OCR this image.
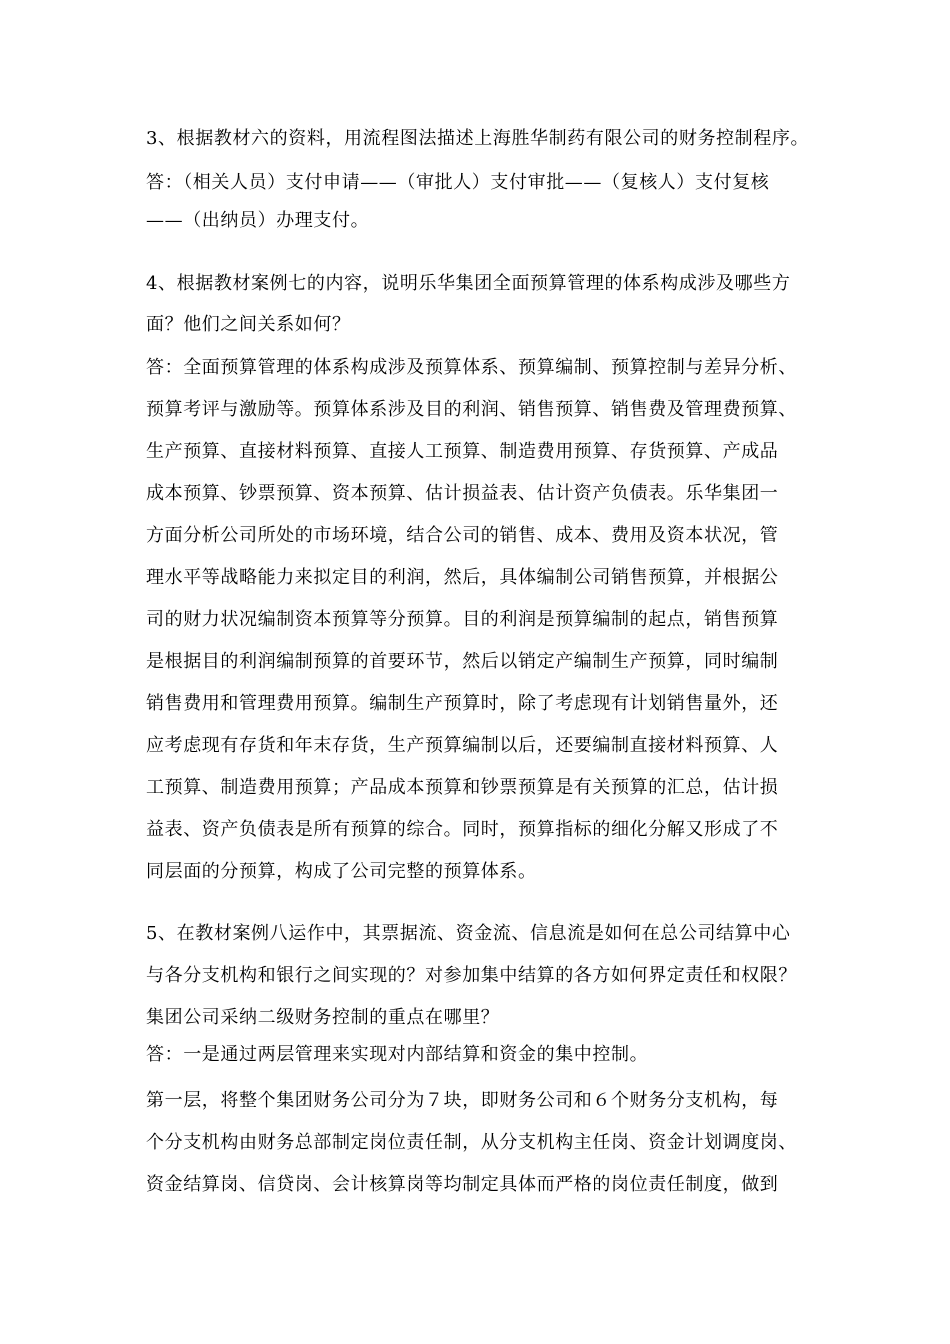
3、根据教材六的资料，用流程图法描述上海胜华制药有限公司的财务控制程序。

答：（相关人员）支付申请——（审批人）支付审批——（复核人）支付复核

——（出纳员）办理支付。

4、根据教材案例七的内容，说明乐华集团全面预算管理的体系构成涉及哪些方

面？他们之间关系如何？

答：全面预算管理的体系构成涉及预算体系、预算编制、预算控制与差异分析、

预算考评与激励等。预算体系涉及目的利润、销售预算、销售费及管理费预算、

生产预算、直接材料预算、直接人工预算、制造费用预算、存货预算、产成品

成本预算、钞票预算、资本预算、估计损益表、估计资产负债表。乐华集团一

方面分析公司所处的市场环境，结合公司的销售、成本、费用及资本状况，管

理水平等战略能力来拟定目的利润，然后，具体编制公司销售预算，并根据公

司的财力状况编制资本预算等分预算。目的利润是预算编制的起点，销售预算

是根据目的利润编制预算的首要环节，然后以销定产编制生产预算，同时编制

销售费用和管理费用预算。编制生产预算时，除了考虑现有计划销售量外，还

应考虑现有存货和年末存货，生产预算编制以后，还要编制直接材料预算、人

工预算、制造费用预算；产品成本预算和钞票预算是有关预算的汇总，估计损

益表、资产负债表是所有预算的综合。同时，预算指标的细化分解又形成了不

同层面的分预算，构成了公司完整的预算体系。

5、在教材案例八运作中，其票据流、资金流、信息流是如何在总公司结算中心

与各分支机构和银行之间实现的？对参加集中结算的各方如何界定责任和权限？

集团公司采纳二级财务控制的重点在哪里？

答：一是通过两层管理来实现对内部结算和资金的集中控制。

第一层，将整个集团财务公司分为７块，即财务公司和６个财务分支机构，每

个分支机构由财务总部制定岗位责任制，从分支机构主任岗、资金计划调度岗、

资金结算岗、信贷岗、会计核算岗等均制定具体而严格的岗位责任制度，做到
